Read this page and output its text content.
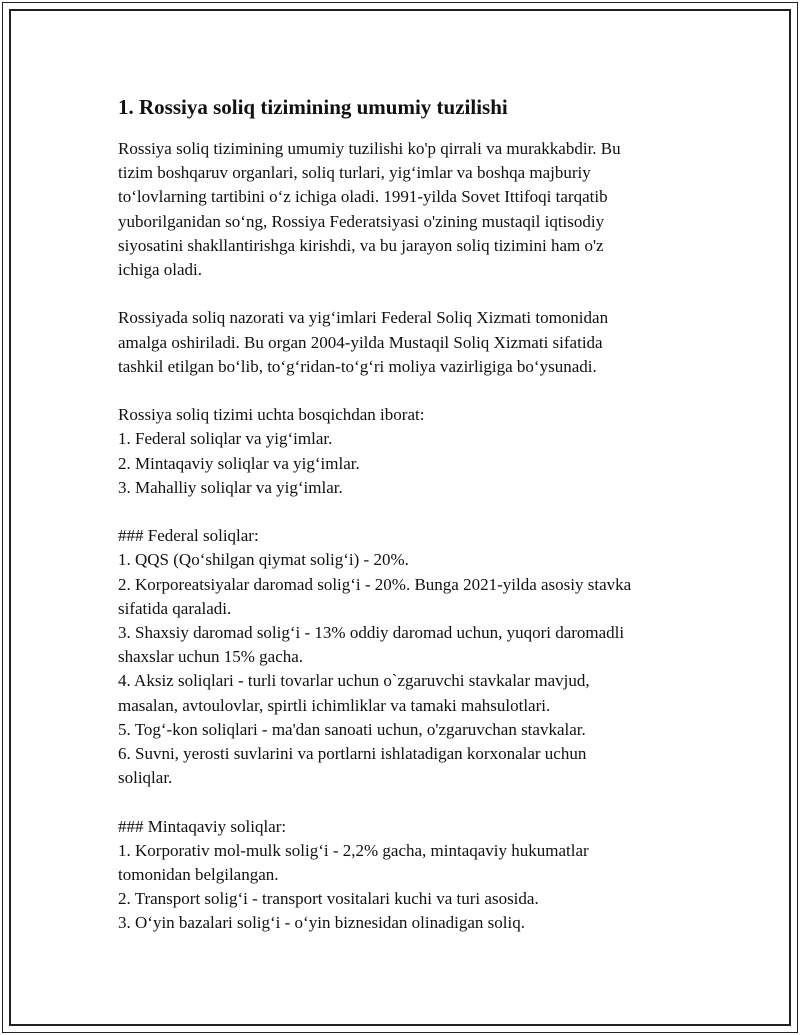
1. Rossiya soliq tizimining umumiy tuzilishi
Rossiya soliq tizimining umumiy tuzilishi ko'p qirrali va murakkabdir. Bu
tizim boshqaruv organlari, soliq turlari, yig‘imlar va boshqa majburiy
to‘lovlarning tartibini o‘z ichiga oladi. 1991-yilda Sovet Ittifoqi tarqatib
yuborilganidan so‘ng, Rossiya Federatsiyasi o'zining mustaqil iqtisodiy
siyosatini shakllantirishga kirishdi, va bu jarayon soliq tizimini ham o'z
ichiga oladi.
Rossiyada soliq nazorati va yig‘imlari Federal Soliq Xizmati tomonidan
amalga oshiriladi. Bu organ 2004-yilda Mustaqil Soliq Xizmati sifatida
tashkil etilgan bo‘lib, to‘g‘ridan-to‘g‘ri moliya vazirligiga bo‘ysunadi.
Rossiya soliq tizimi uchta bosqichdan iborat:
1. Federal soliqlar va yig‘imlar.
2. Mintaqaviy soliqlar va yig‘imlar.
3. Mahalliy soliqlar va yig‘imlar.
### Federal soliqlar:
1. QQS (Qo‘shilgan qiymat solig‘i) - 20%.
2. Korporeatsiyalar daromad solig‘i - 20%. Bunga 2021-yilda asosiy stavka
sifatida qaraladi.
3. Shaxsiy daromad solig‘i - 13% oddiy daromad uchun, yuqori daromadli
shaxslar uchun 15% gacha.
4. Aksiz soliqlari - turli tovarlar uchun o`zgaruvchi stavkalar mavjud,
masalan, avtoulovlar, spirtli ichimliklar va tamaki mahsulotlari.
5. Tog‘-kon soliqlari - ma'dan sanoati uchun, o'zgaruvchan stavkalar.
6. Suvni, yerosti suvlarini va portlarni ishlatadigan korxonalar uchun
soliqlar.
### Mintaqaviy soliqlar:
1. Korporativ mol-mulk solig‘i - 2,2% gacha, mintaqaviy hukumatlar
tomonidan belgilangan.
2. Transport solig‘i - transport vositalari kuchi va turi asosida.
3. O‘yin bazalari solig‘i - o‘yin biznesidan olinadigan soliq.
